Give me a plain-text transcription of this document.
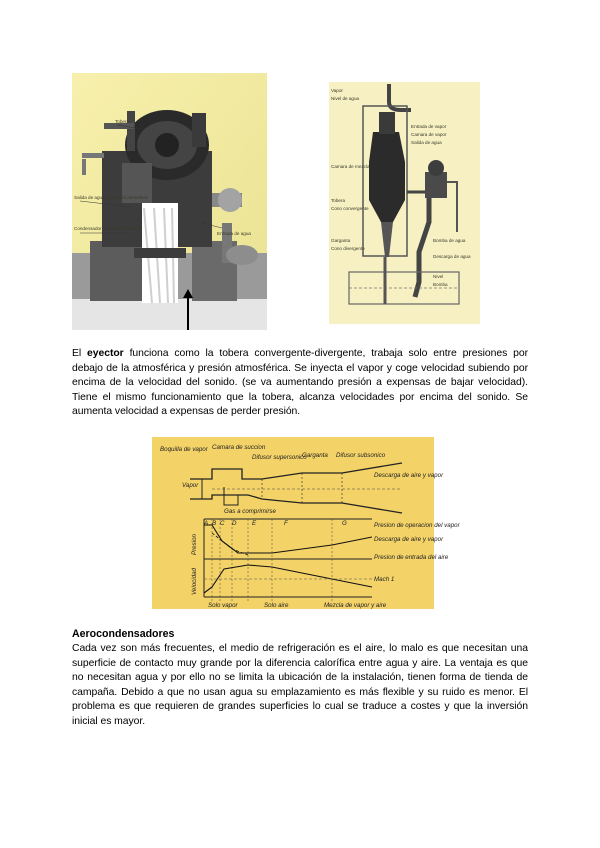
Tobera
Salida de agua y aire a la atmosfera
Condensador de chorro o eyector
Entrada de agua
Vapor
Nivel de agua
Entrada de vapor
Camara de vapor
Salida de agua
Camara de mezcla
Tobera
Cono convergente
Garganta
Cono divergente
Bomba de agua
Descarga de agua
Nivel
Bomba

El eyector funciona como la tobera convergente-divergente, trabaja solo entre presiones por debajo de la atmosférica y presión atmosférica. Se inyecta el vapor y coge velocidad subiendo por encima de la velocidad del sonido. (se va aumentando presión a expensas de bajar velocidad). Tiene el mismo funcionamiento que la tobera, alcanza velocidades por encima del sonido. Se aumenta velocidad a expensas de perder presión.

Boquilla de vapor Camara de succion
Difusor supersonico
Garganta Difusor subsonico
Vapor
Descarga de aire y vapor
Gas a comprimirse
A B C D	E	F	G
Presion
Velocidad
Presion de operacion del vapor
Descarga de aire y vapor
Presion de entrada del aire
Mach 1
Solo vapor	Solo aire	Mezcla de vapor y aire
Aerocondensadores

Cada vez son más frecuentes, el medio de refrigeración es el aire, lo malo es que necesitan una superficie de contacto muy grande por la diferencia calorífica entre agua y aire. La ventaja es que no necesitan agua y por ello no se limita la ubicación de la instalación, tienen forma de tienda de campaña. Debido a que no usan agua su emplazamiento es más flexible y su ruido es menor. El problema es que requieren de grandes superficies lo cual se traduce a costes y que la inversión inicial es mayor.
